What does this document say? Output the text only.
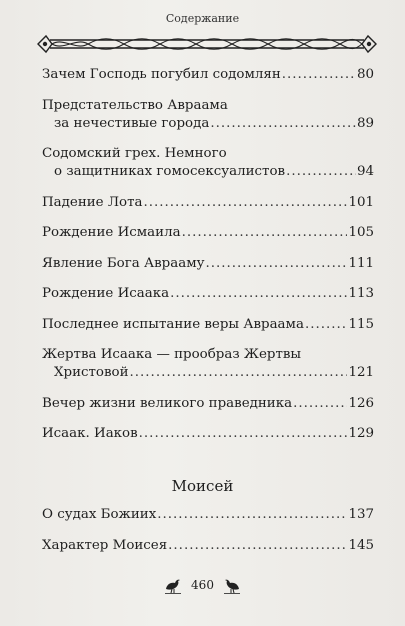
Содержание
Зачем Господь погубил содомлян .....	80
Предстательство Авраама
за нечестивые города .....	89
Содомский грех. Немного
о защитниках гомосексуалистов .....	94
Падение Лота .....	101
Рождение Исмаила .....	105
Явление Бога Аврааму .....	111
Рождение Исаака .....	113
Последнее испытание веры Авраама .....	115
Жертва Исаака — прообраз Жертвы
Христовой .....	121
Вечер жизни великого праведника .....	126
Исаак. Иаков .....	129
Моисей
О судах Божиих .....	137
Характер Моисея .....	145
460
